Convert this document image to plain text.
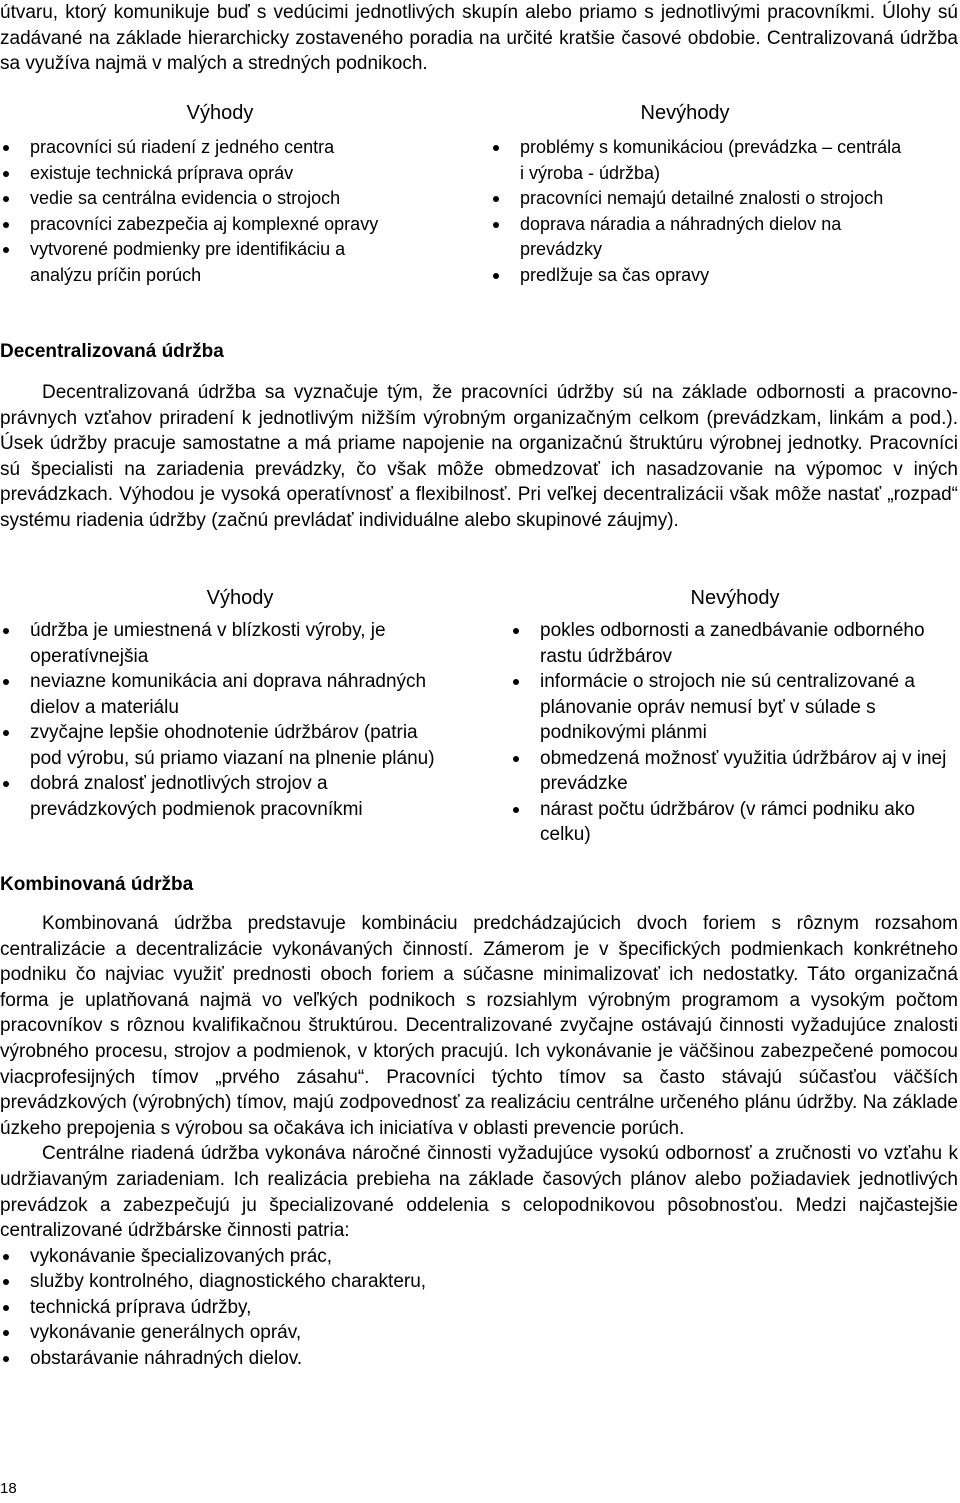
útvaru, ktorý komunikuje buď s vedúcimi jednotlivých skupín alebo priamo s jednotlivými pracovníkmi. Úlohy sú zadávané na základe hierarchicky zostaveného poradia na určité kratšie časové obdobie. Centralizovaná údržba sa využíva najmä v malých a stredných podnikoch.

Výhody

pracovníci sú riadení z jedného centra
existuje technická príprava opráv
vedie sa centrálna evidencia o strojoch
pracovníci zabezpečia aj komplexné opravy
vytvorené podmienky pre identifikáciu a analýzu príčin porúch

Nevýhody

problémy s komunikáciou (prevádzka – centrála i výroba - údržba)
pracovníci nemajú detailné znalosti o strojoch
doprava náradia a náhradných dielov na prevádzky
predlžuje sa čas opravy

Decentralizovaná údržba

Decentralizovaná údržba sa vyznačuje tým, že pracovníci údržby sú na základe odbornosti a pracovno-právnych vzťahov priradení k jednotlivým nižším výrobným organizačným celkom (prevádzkam, linkám a pod.). Úsek údržby pracuje samostatne a má priame napojenie na organizačnú štruktúru výrobnej jednotky. Pracovníci sú špecialisti na zariadenia prevádzky, čo však môže obmedzovať ich nasadzovanie na výpomoc v iných prevádzkach. Výhodou je vysoká operatívnosť a flexibilnosť. Pri veľkej decentralizácii však môže nastať „rozpad“ systému riadenia údržby (začnú prevládať individuálne alebo skupinové záujmy).

Výhody

údržba je umiestnená v blízkosti výroby, je operatívnejšia
neviazne komunikácia ani doprava náhradných dielov a materiálu
zvyčajne lepšie ohodnotenie údržbárov (patria pod výrobu, sú priamo viazaní na plnenie plánu)
dobrá znalosť jednotlivých strojov a prevádzkových podmienok pracovníkmi

Nevýhody

pokles odbornosti a zanedbávanie odborného rastu údržbárov
informácie o strojoch nie sú centralizované a plánovanie opráv nemusí byť v súlade s podnikovými plánmi
obmedzená možnosť využitia údržbárov aj v inej prevádzke
nárast počtu údržbárov (v rámci podniku ako celku)

Kombinovaná údržba

Kombinovaná údržba predstavuje kombináciu predchádzajúcich dvoch foriem s rôznym rozsahom centralizácie a decentralizácie vykonávaných činností. Zámerom je v špecifických podmienkach konkrétneho podniku čo najviac využiť prednosti oboch foriem a súčasne minimalizovať ich nedostatky. Táto organizačná forma je uplatňovaná najmä vo veľkých podnikoch s rozsiahlym výrobným programom a vysokým počtom pracovníkov s rôznou kvalifikačnou štruktúrou. Decentralizované zvyčajne ostávajú činnosti vyžadujúce znalosti výrobného procesu, strojov a podmienok, v ktorých pracujú. Ich vykonávanie je väčšinou zabezpečené pomocou viacprofesijných tímov „prvého zásahu“. Pracovníci týchto tímov sa často stávajú súčasťou väčších prevádzkových (výrobných) tímov, majú zodpovednosť za realizáciu centrálne určeného plánu údržby. Na základe úzkeho prepojenia s výrobou sa očakáva ich iniciatíva v oblasti prevencie porúch.

Centrálne riadená údržba vykonáva náročné činnosti vyžadujúce vysokú odbornosť a zručnosti vo vzťahu k udržiavaným zariadeniam. Ich realizácia prebieha na základe časových plánov alebo požiadaviek jednotlivých prevádzok a zabezpečujú ju špecializované oddelenia s celopodnikovou pôsobnosťou. Medzi najčastejšie centralizované údržbárske činnosti patria:

vykonávanie špecializovaných prác,
služby kontrolného, diagnostického charakteru,
technická príprava údržby,
vykonávanie generálnych opráv,
obstarávanie náhradných dielov.
18
